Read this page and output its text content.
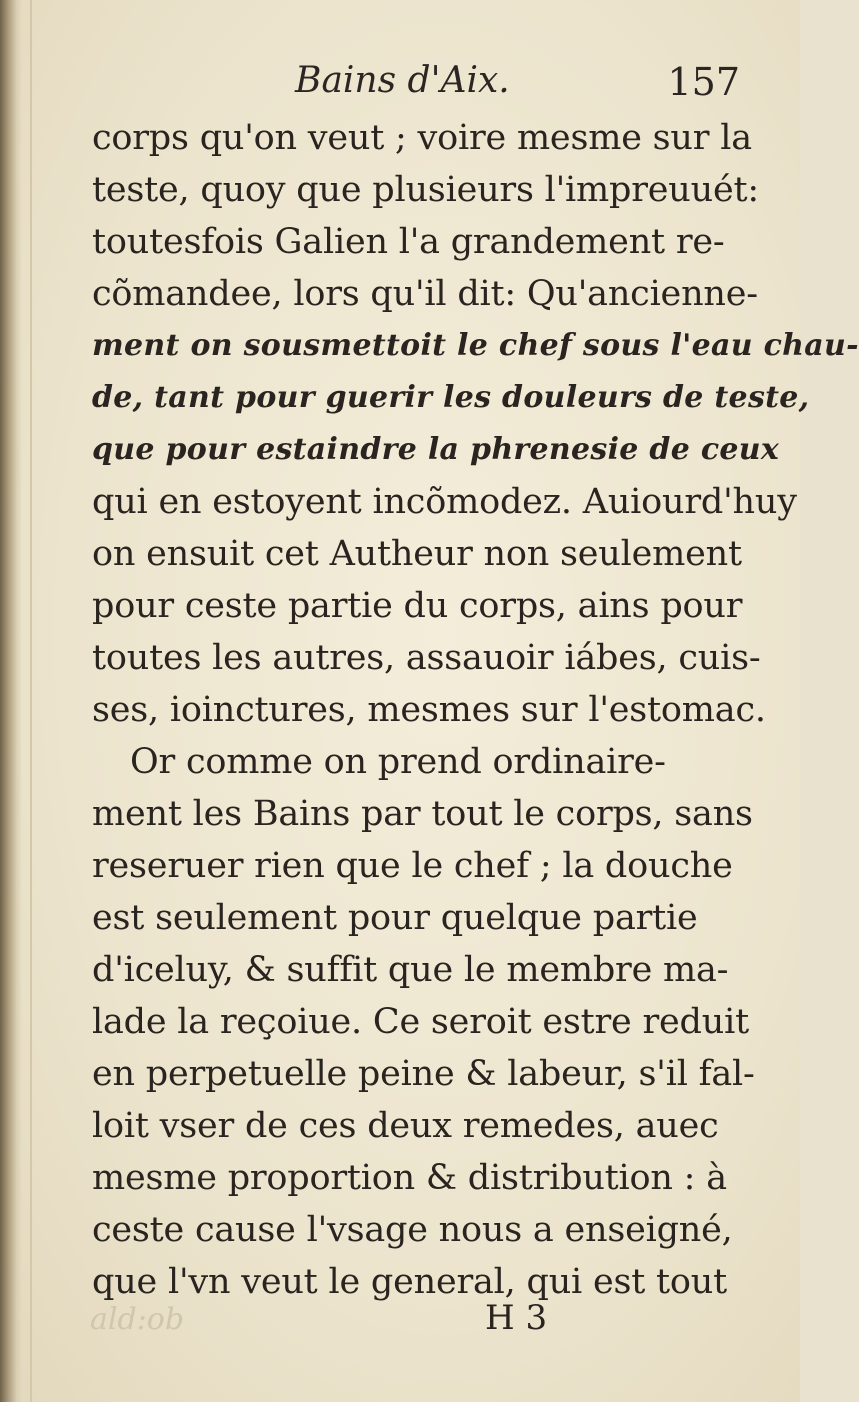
Bains d'Aix.	157
corps qu'on veut ; voire mesme sur la
teste, quoy que plusieurs l'impreuuét:
toutesfois Galien l'a grandement re-
cõmandee, lors qu'il dit: Qu'ancienne-
ment on sousmettoit le chef sous l'eau chau-
de, tant pour guerir les douleurs de teste,
que pour estaindre la phrenesie de ceux
qui en estoyent incõmodez. Auiourd'huy
on ensuit cet Autheur non seulement
pour ceste partie du corps, ains pour
toutes les autres, assauoir iábes, cuis-
ses, ioinctures, mesmes sur l'estomac.
Or comme on prend ordinaire-
ment les Bains par tout le corps, sans
reseruer rien que le chef ; la douche
est seulement pour quelque partie
d'iceluy, & suffit que le membre ma-
lade la reçoiue. Ce seroit estre reduit
en perpetuelle peine & labeur, s'il fal-
loit vser de ces deux remedes, auec
mesme proportion & distribution : à
ceste cause l'vsage nous a enseigné,
que l'vn veut le general, qui est tout
ald:ob	H 3
